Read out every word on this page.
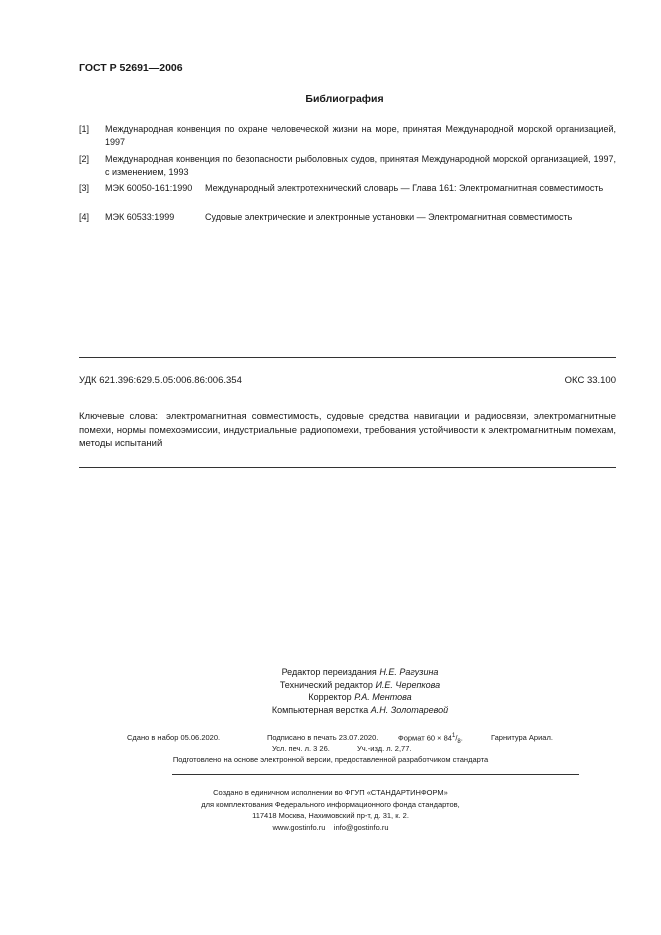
ГОСТ Р 52691—2006
Библиография
[1] Международная конвенция по охране человеческой жизни на море, принятая Международной морской организацией, 1997
[2] Международная конвенция по безопасности рыболовных судов, принятая Международной морской организацией, 1997, с изменением, 1993
[3] МЭК 60050-161:1990 Международный электротехнический словарь — Глава 161: Электромагнитная совместимость
[4] МЭК 60533:1999	Судовые электрические и электронные установки — Электромагнитная совместимость
УДК 621.396:629.5.05:006.86:006.354	ОКС 33.100
Ключевые слова: электромагнитная совместимость, судовые средства навигации и радиосвязи, электромагнитные помехи, нормы помехоэмиссии, индустриальные радиопомехи, требования устойчивости к электромагнитным помехам, методы испытаний
Редактор переиздания Н.Е. Рагузина
Технический редактор И.Е. Черепкова
Корректор Р.А. Ментова
Компьютерная верстка А.Н. Золотаревой
Сдано в набор 05.06.2020.	Подписано в печать 23.07.2020.	Формат $60 \times 84^1/_8$.	Гарнитура Ариал.
Усл. печ. л. 3 26.	Уч.-изд. л. 2,77.
Подготовлено на основе электронной версии, предоставленной разработчиком стандарта
Создано в единичном исполнении во ФГУП «СТАНДАРТИНФОРМ»
для комплектования Федерального информационного фонда стандартов,
117418 Москва, Нахимовский пр-т, д. 31, к. 2.
www.gostinfo.ru info@gostinfo.ru
